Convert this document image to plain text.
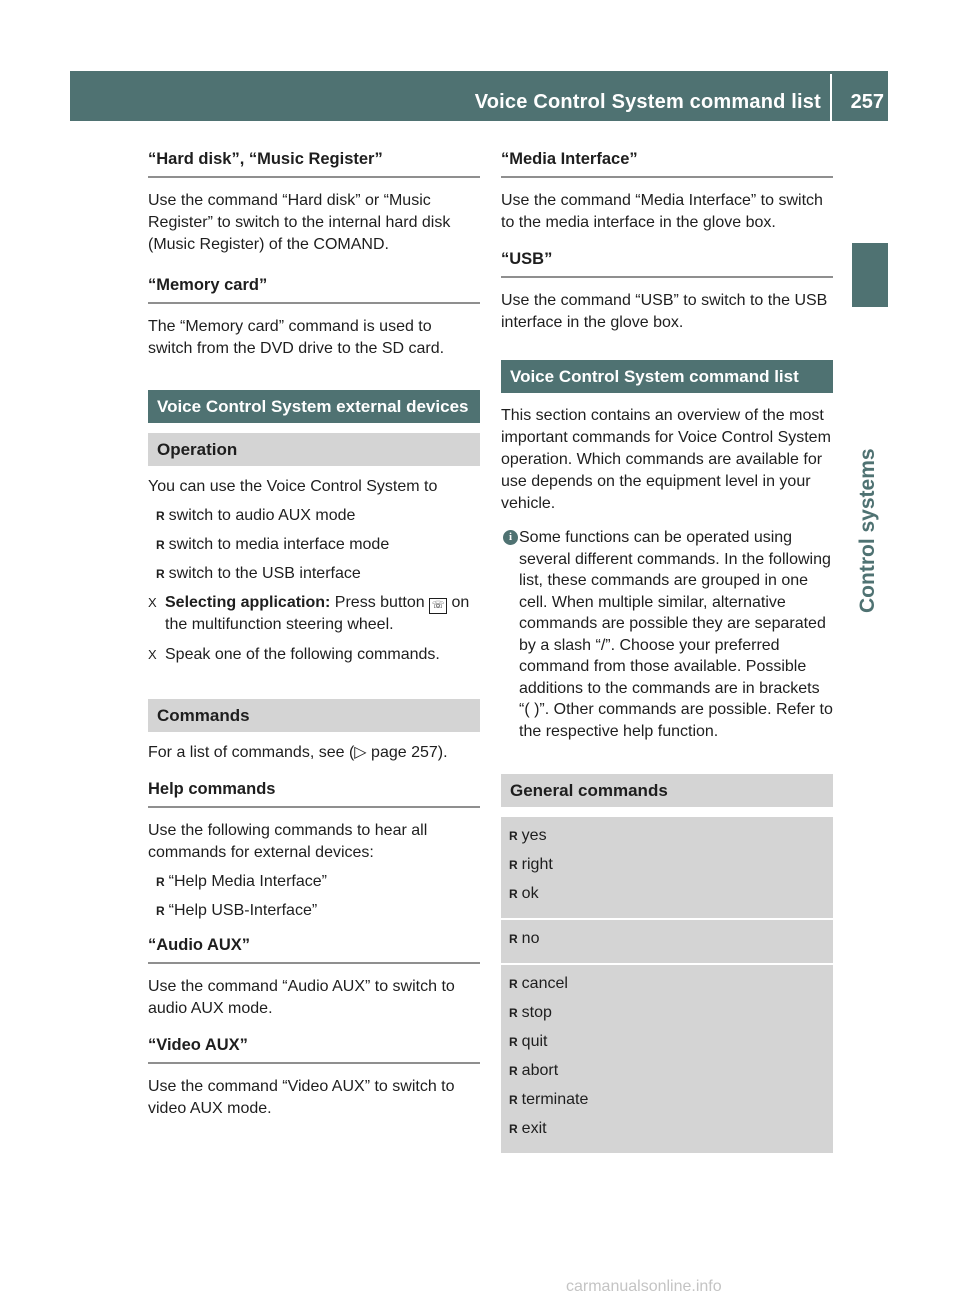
Voice Control System command list 257
Control systems
“Hard disk”, “Music Register”

Use the command “Hard disk” or “Music Register” to switch to the internal hard disk (Music Register) of the COMAND.

“Memory card”

The “Memory card” command is used to switch from the DVD drive to the SD card.

Voice Control System external devices
Operation

You can use the Voice Control System to

R switch to audio AUX mode
R switch to media interface mode
R switch to the USB interface
X Selecting application: Press button ☏ on the multifunction steering wheel.
X Speak one of the following commands.
Commands

For a list of commands, see (▷ page 257).

Help commands

Use the following commands to hear all commands for external devices:

R “Help Media Interface”
R “Help USB-Interface”
“Audio AUX”

Use the command “Audio AUX” to switch to audio AUX mode.

“Video AUX”

Use the command “Video AUX” to switch to video AUX mode.

“Media Interface”

Use the command “Media Interface” to switch to the media interface in the glove box.

“USB”

Use the command “USB” to switch to the USB interface in the glove box.

Voice Control System command list

This section contains an overview of the most important commands for Voice Control System operation. Which commands are available for use depends on the equipment level in your vehicle.

i Some functions can be operated using several different commands. In the following list, these commands are grouped in one cell. When multiple similar, alternative commands are possible they are separated by a slash “/”. Choose your preferred command from those available. Possible additions to the commands are in brackets “( )”. Other commands are possible. Refer to the respective help function.
General commands
R yes
R right
R ok
R no
R cancel
R stop
R quit
R abort
R terminate
R exit
carmanualsonline.info
